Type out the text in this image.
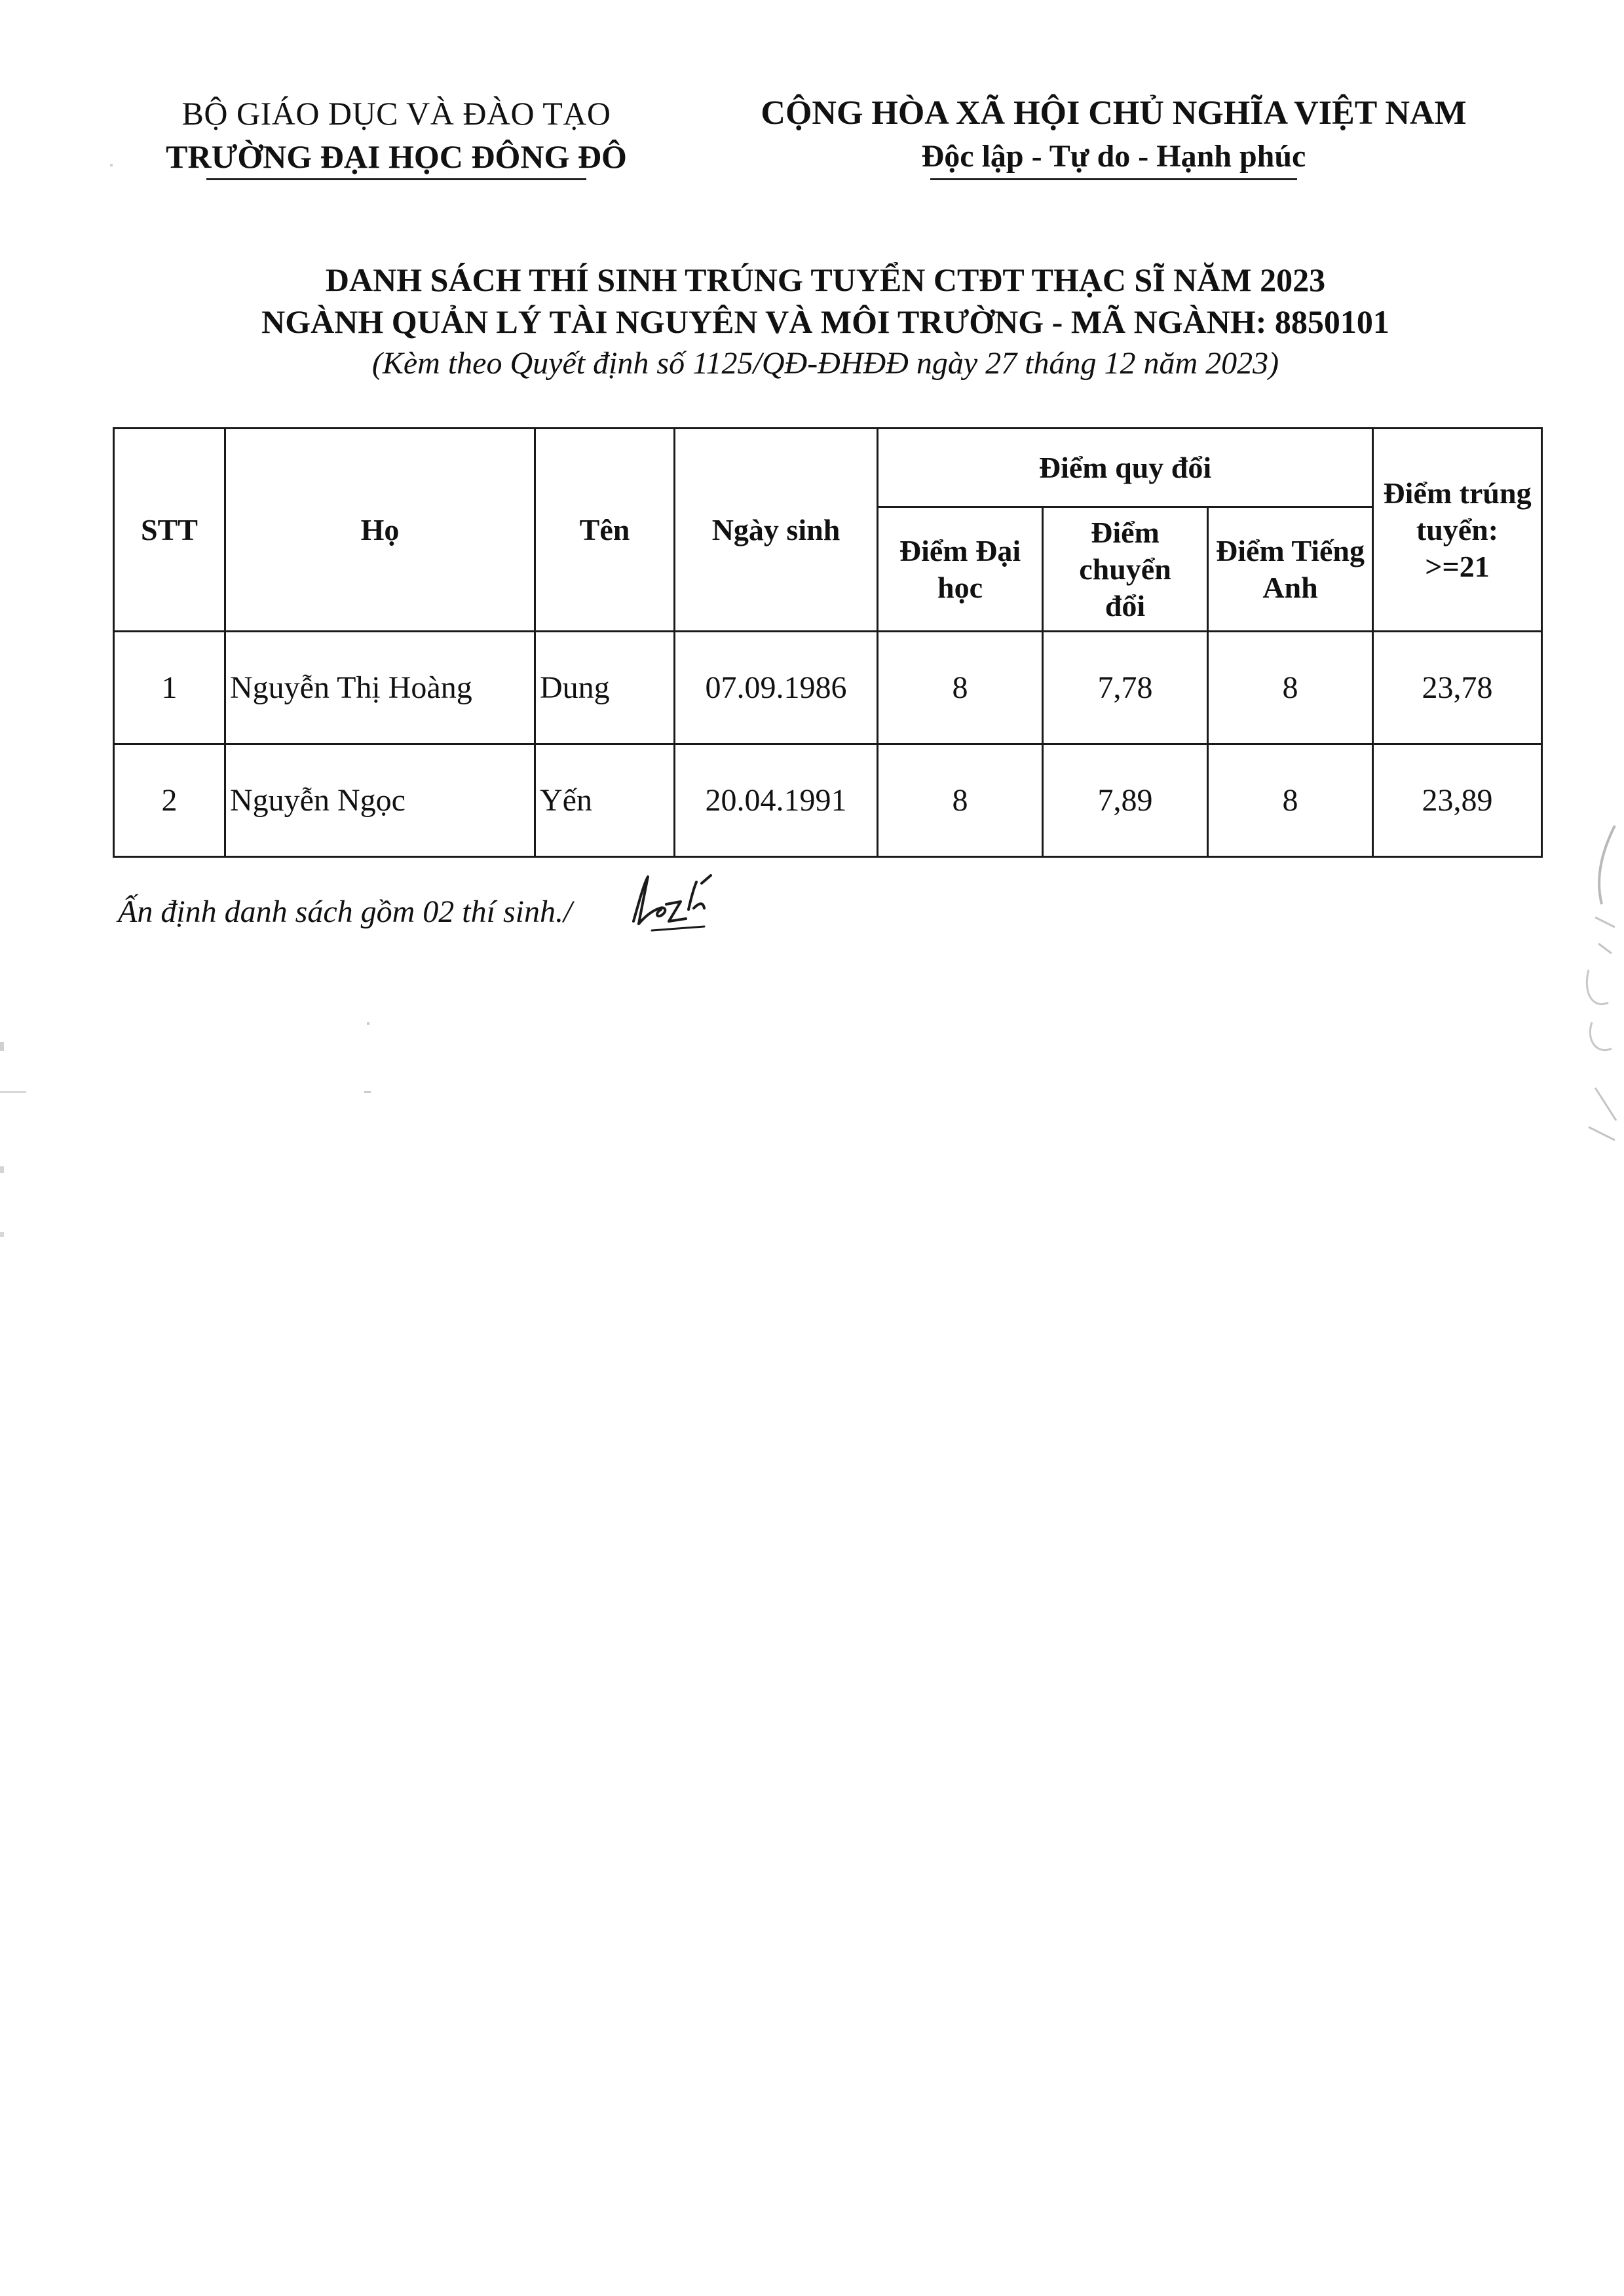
BỘ GIÁO DỤC VÀ ĐÀO TẠO
TRƯỜNG ĐẠI HỌC ĐÔNG ĐÔ
CỘNG HÒA XÃ HỘI CHỦ NGHĨA VIỆT NAM
Độc lập - Tự do - Hạnh phúc
DANH SÁCH THÍ SINH TRÚNG TUYỂN CTĐT THẠC SĨ NĂM 2023
NGÀNH QUẢN LÝ TÀI NGUYÊN VÀ MÔI TRƯỜNG - MÃ NGÀNH: 8850101
(Kèm theo Quyết định số 1125/QĐ-ĐHĐĐ ngày 27 tháng 12 năm 2023)
STT	Họ	Tên	Ngày sinh	Điểm quy đổi			Điểm trúng tuyển: >=21
				Điểm Đại học	Điểm chuyển đổi	Điểm Tiếng Anh	
1	Nguyễn Thị Hoàng	Dung	07.09.1986	8	7,78	8	23,78
2	Nguyễn Ngọc	Yến	20.04.1991	8	7,89	8	23,89
Ấn định danh sách gồm 02 thí sinh./
